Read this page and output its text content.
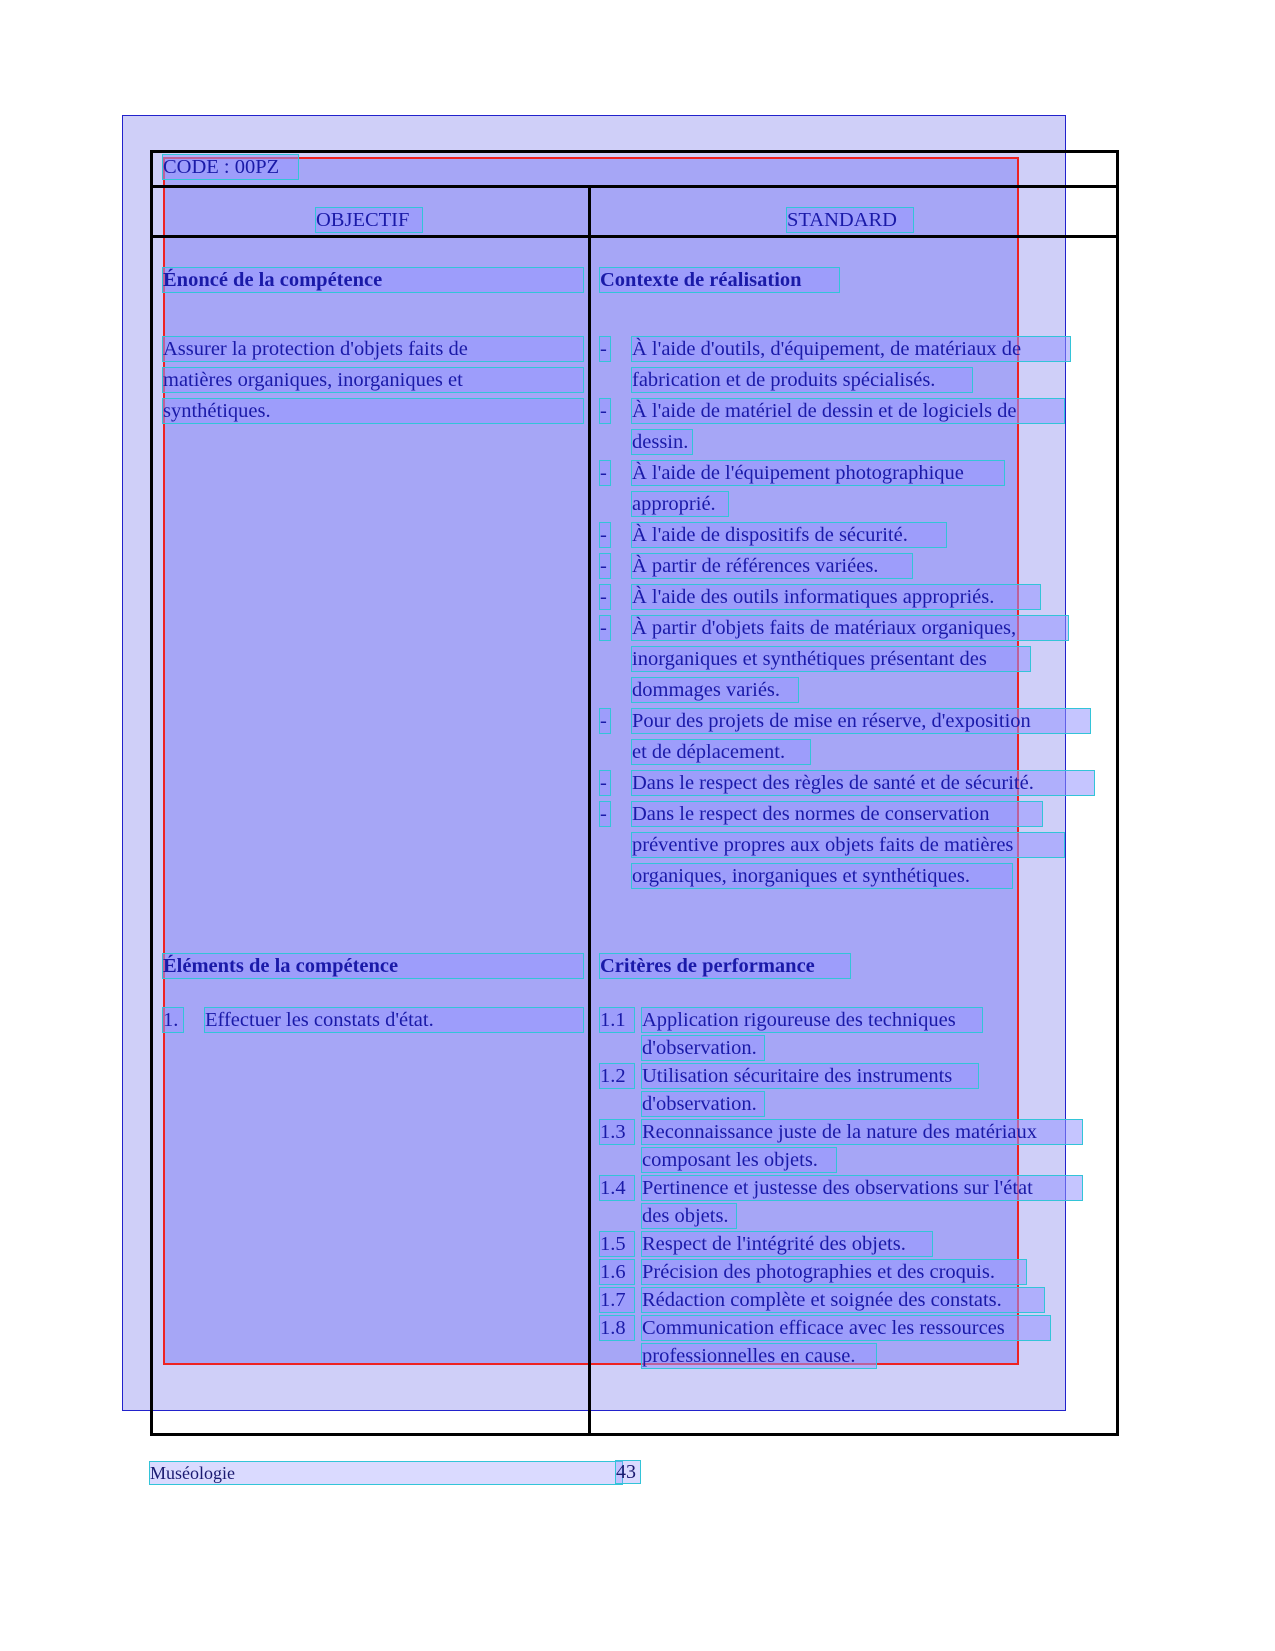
CODE : 00PZ
OBJECTIF	STANDARD
Énoncé de la compétence
Assurer la protection d'objets faits de
matières organiques, inorganiques et
synthétiques.
Contexte de réalisation
- À l'aide d'outils, d'équipement, de matériaux de
fabrication et de produits spécialisés.
- À l'aide de matériel de dessin et de logiciels de
dessin.
- À l'aide de l'équipement photographique
approprié.
- À l'aide de dispositifs de sécurité.
- À partir de références variées.
- À l'aide des outils informatiques appropriés.
- À partir d'objets faits de matériaux organiques,
inorganiques et synthétiques présentant des
dommages variés.
- Pour des projets de mise en réserve, d'exposition
et de déplacement.
- Dans le respect des règles de santé et de sécurité.
- Dans le respect des normes de conservation
préventive propres aux objets faits de matières
organiques, inorganiques et synthétiques.
Éléments de la compétence
1. Effectuer les constats d'état.
Critères de performance
1.1 Application rigoureuse des techniques
d'observation.
1.2 Utilisation sécuritaire des instruments
d'observation.
1.3 Reconnaissance juste de la nature des matériaux
composant les objets.
1.4 Pertinence et justesse des observations sur l'état
des objets.
1.5 Respect de l'intégrité des objets.
1.6 Précision des photographies et des croquis.
1.7 Rédaction complète et soignée des constats.
1.8 Communication efficace avec les ressources
professionnelles en cause.
Muséologie	43
